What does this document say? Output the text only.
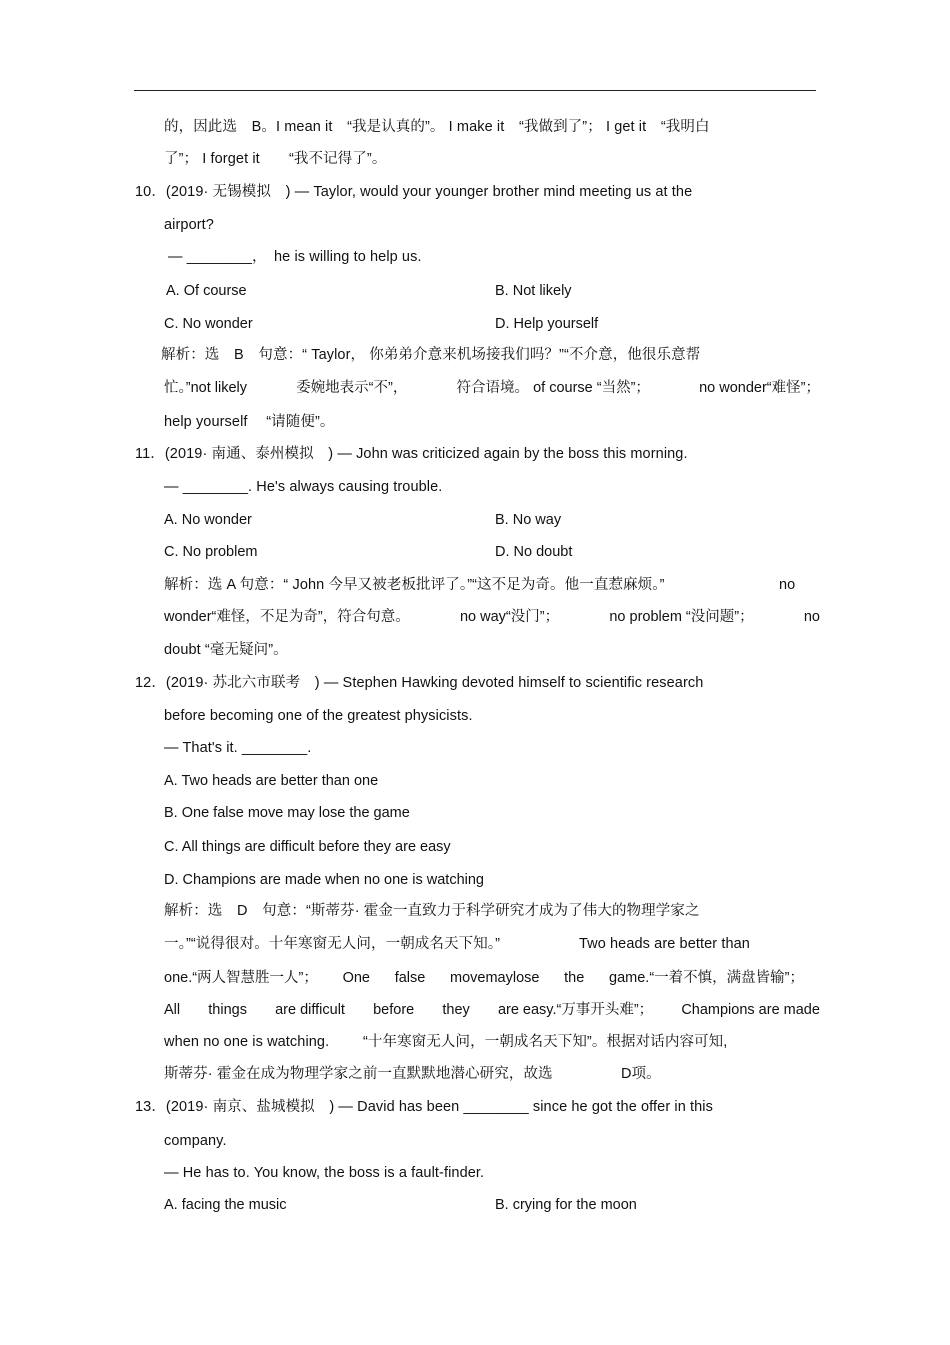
的，因此选　B。I mean it　“我是认真的”。 I make it　“我做到了”； I get it　“我明白
了”； I forget it　　“我不记得了”。
10．(2019· 无锡模拟　) — Taylor, would your younger brother mind meeting us at the
airport?
— ________，　he is willing to help us.
A. Of course	B. Not likely
C. No wonder	D. Help yourself
解析：选　B　句意：“ Taylor， 你弟弟介意来机场接我们吗？”“不介意，他很乐意帮
忙。”not likely	委婉地表示“不”，	符合语境。 of course “当然”；	no wonder“难怪”；
help yourself　 “请随便”。
11．(2019· 南通、泰州模拟　) — John was criticized again by the boss this morning.
— ________. He's always causing trouble.
A. No wonder	B. No way
C. No problem	D. No doubt
解析：选 A 句意：“ John 今早又被老板批评了。”“这不足为奇。他一直惹麻烦。”	no
wonder“难怪，不足为奇”，符合句意。	no way“没门”；	no problem “没问题”；	no
doubt “毫无疑问”。
12．(2019· 苏北六市联考　) — Stephen Hawking devoted himself to scientific research
before becoming one of the greatest physicists.
— That's it. ________.
A. Two heads are better than one
B. One false move may lose the game
C. All things are difficult before they are easy
D. Champions are made when no one is watching
解析：选　D　句意：“斯蒂芬· 霍金一直致力于科学研究才成为了伟大的物理学家之
一。”“说得很对。十年寒窗无人问，一朝成名天下知。”	Two heads are better than
one.“两人智慧胜一人”； One false movemaylose the game.“一着不慎，满盘皆输”；
All things are difficult before they are easy.“万事开头难”； Champions are made
when no one is watching. “十年寒窗无人问，一朝成名天下知”。根据对话内容可知,
斯蒂芬· 霍金在成为物理学家之前一直默默地潜心研究，故选	D项。
13．(2019· 南京、盐城模拟　) — David has been ________ since he got the offer in this
company.
— He has to. You know, the boss is a fault-finder.
A. facing the music	B. crying for the moon
